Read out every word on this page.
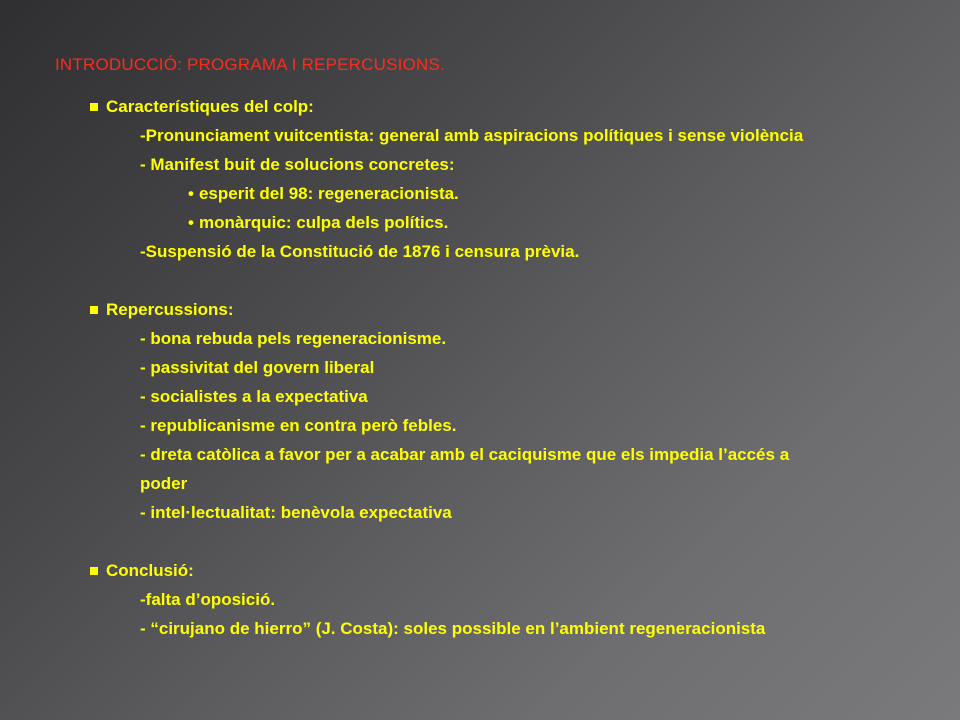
INTRODUCCIÓ: PROGRAMA I REPERCUSIONS.
Característiques del colp:
-Pronunciament vuitcentista: general amb aspiracions polítiques i sense violència
- Manifest buit de solucions concretes:
• esperit del 98: regeneracionista.
• monàrquic: culpa dels polítics.
-Suspensió de la Constitució de 1876 i censura prèvia.
Repercussions:
- bona rebuda pels regeneracionisme.
- passivitat del govern liberal
- socialistes a la expectativa
- republicanisme en contra però febles.
- dreta catòlica a favor per a acabar amb el caciquisme que els impedia l’accés a
poder
- intel·lectualitat: benèvola expectativa
Conclusió:
-falta d’oposició.
- “cirujano de hierro” (J. Costa): soles possible en l’ambient regeneracionista
